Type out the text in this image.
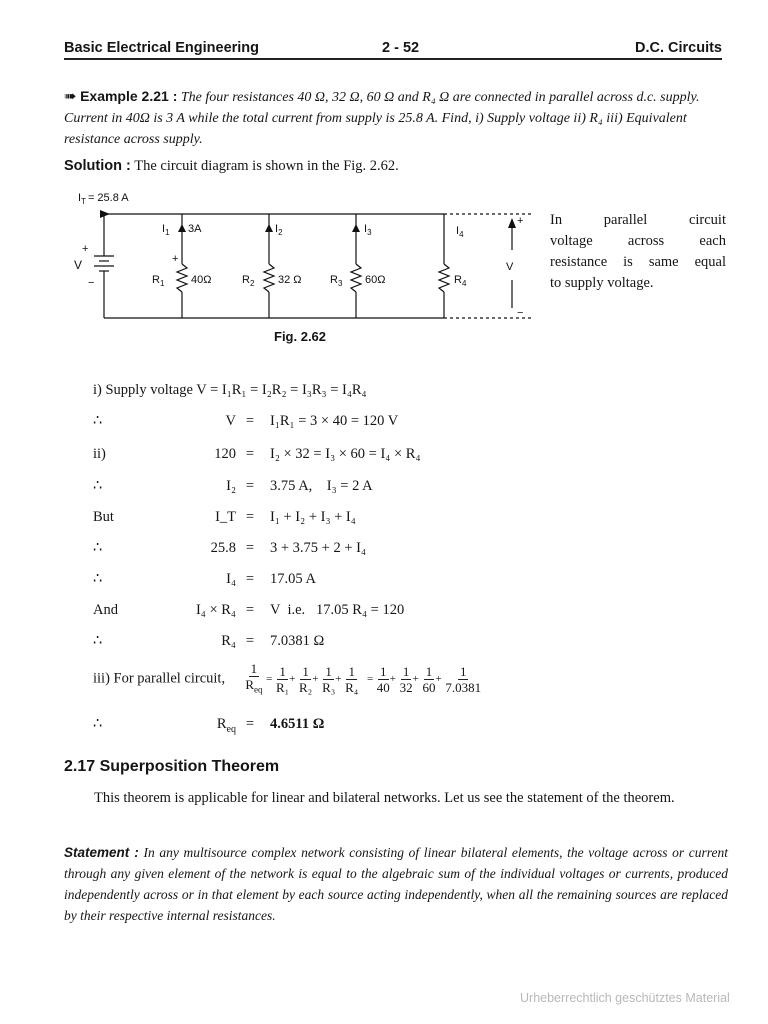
Basic Electrical Engineering	2 - 52	D.C. Circuits
➠ Example 2.21 : The four resistances 40 Ω, 32 Ω, 60 Ω and R₄ Ω are connected in parallel across d.c. supply. Current in 40Ω is 3 A while the total current from supply is 25.8 A. Find, i) Supply voltage ii) R₄ iii) Equivalent resistance across supply.
Solution : The circuit diagram is shown in the Fig. 2.62.
$I_T = 25.8$ A
+
V
−
$I_1$ 3A
+
$R_1$ 40Ω
$I_2$
$R_2$ 32 Ω
$I_3$
$R_3$ 60Ω
$I_4$
$R_4$
+
V
−
In parallel circuit
voltage across each
resistance is same equal
to supply voltage.
Fig. 2.62
i) Supply voltage V = I₁R₁ = I₂R₂ = I₃R₃ = I₄R₄
∴	V =	I₁R₁ = 3 × 40 = 120 V
ii)	120 =	I₂ × 32 = I₃ × 60 = I₄ × R₄
∴	I₂ =	3.75 A,    I₃ = 2 A
But	I_T =	I₁ + I₂ + I₃ + I₄
∴	25.8 =	3 + 3.75 + 2 + I₄
∴	I₄ =	17.05 A
And	I₄ × R₄ =	V  i.e.   17.05 R₄ = 120
∴	R₄ =	7.0381 Ω
iii) For parallel circuit, $\frac{1}{R_{eq}} = \frac{1}{\text{R₁}} + \frac{1}{\text{R₂}} + \frac{1}{\text{R₃}} + \frac{1}{\text{R₄}} = \frac{1}{40} + \frac{1}{32} + \frac{1}{60} + \frac{1}{7.0381}$
∴	$R_{eq}$ =	4.6511 Ω
2.17 Superposition Theorem
This theorem is applicable for linear and bilateral networks. Let us see the statement of the theorem.
Statement : In any multisource complex network consisting of linear bilateral elements, the voltage across or current through any given element of the network is equal to the algebraic sum of the individual voltages or currents, produced independently across or in that element by each source acting independently, when all the remaining sources are replaced by their respective internal resistances.
Urheberrechtlich geschütztes Material
